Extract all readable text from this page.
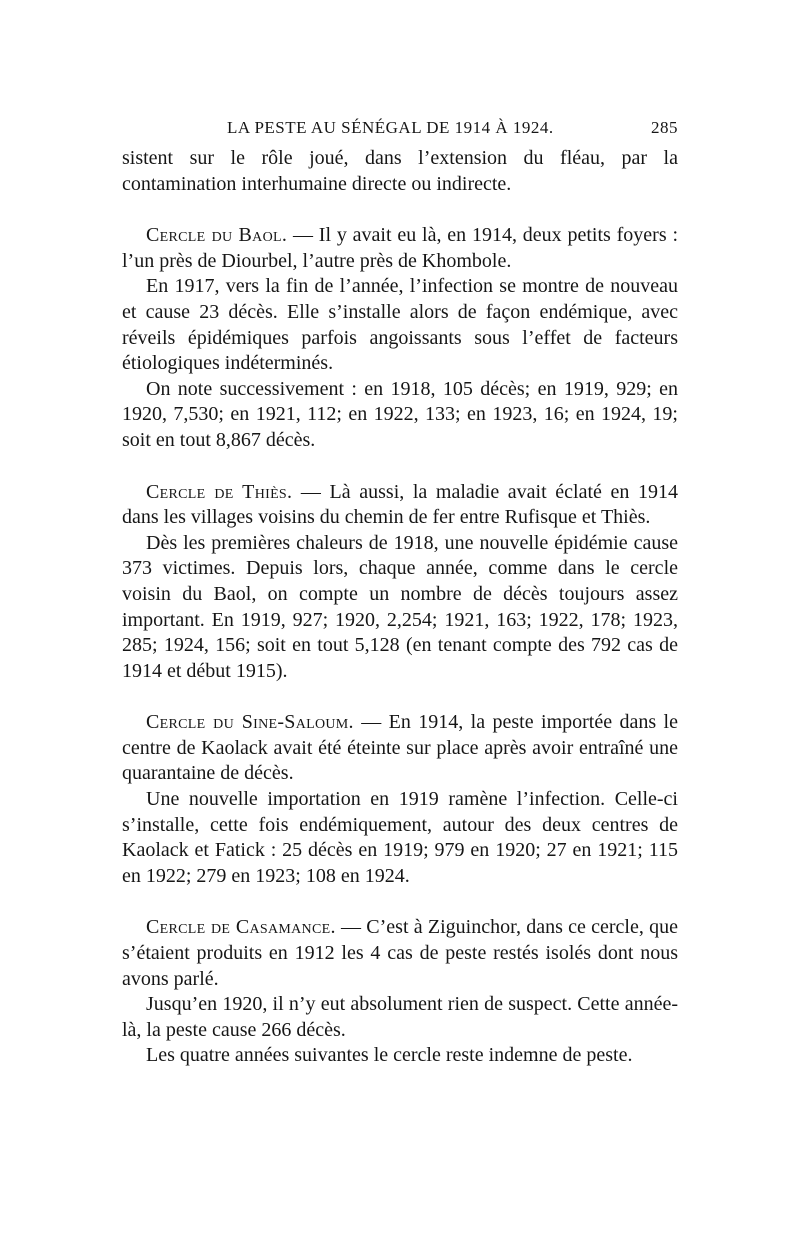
LA PESTE AU SÉNÉGAL DE 1914 À 1924.	285

sistent sur le rôle joué, dans l’extension du fléau, par la contamination interhumaine directe ou indirecte.

Cercle du Baol. — Il y avait eu là, en 1914, deux petits foyers : l’un près de Diourbel, l’autre près de Khombole.

En 1917, vers la fin de l’année, l’infection se montre de nouveau et cause 23 décès. Elle s’installe alors de façon endémique, avec réveils épidémiques parfois angoissants sous l’effet de facteurs étiologiques indéterminés.

On note successivement : en 1918, 105 décès; en 1919, 929; en 1920, 7,530; en 1921, 112; en 1922, 133; en 1923, 16; en 1924, 19; soit en tout 8,867 décès.

Cercle de Thiès. — Là aussi, la maladie avait éclaté en 1914 dans les villages voisins du chemin de fer entre Rufisque et Thiès.

Dès les premières chaleurs de 1918, une nouvelle épidémie cause 373 victimes. Depuis lors, chaque année, comme dans le cercle voisin du Baol, on compte un nombre de décès toujours assez important. En 1919, 927; 1920, 2,254; 1921, 163; 1922, 178; 1923, 285; 1924, 156; soit en tout 5,128 (en tenant compte des 792 cas de 1914 et début 1915).

Cercle du Sine-Saloum. — En 1914, la peste importée dans le centre de Kaolack avait été éteinte sur place après avoir entraîné une quarantaine de décès.

Une nouvelle importation en 1919 ramène l’infection. Celle-ci s’installe, cette fois endémiquement, autour des deux centres de Kaolack et Fatick : 25 décès en 1919; 979 en 1920; 27 en 1921; 115 en 1922; 279 en 1923; 108 en 1924.

Cercle de Casamance. — C’est à Ziguinchor, dans ce cercle, que s’étaient produits en 1912 les 4 cas de peste restés isolés dont nous avons parlé.

Jusqu’en 1920, il n’y eut absolument rien de suspect. Cette année-là, la peste cause 266 décès.

Les quatre années suivantes le cercle reste indemne de peste.
